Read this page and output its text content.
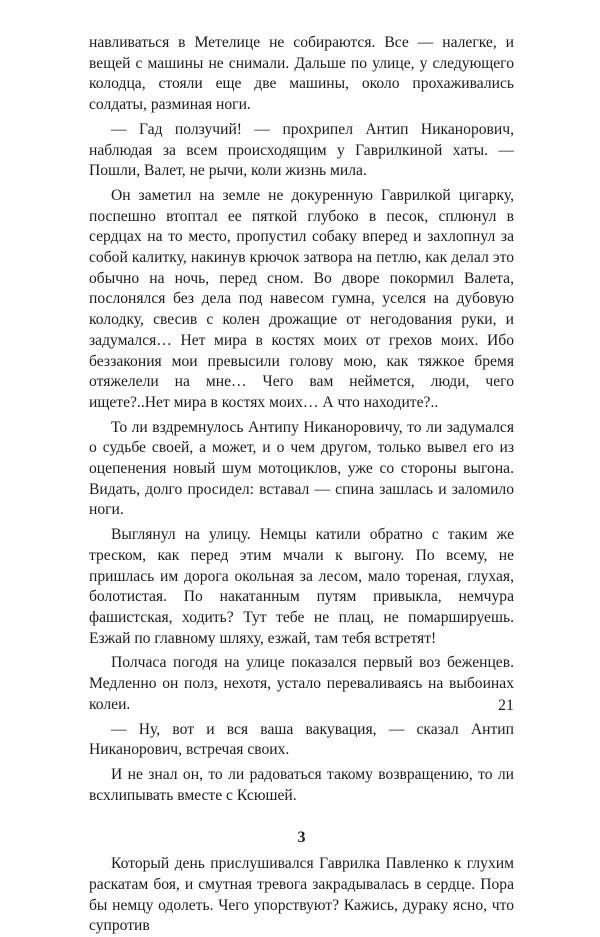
навливаться в Метелице не собираются. Все — налегке, и вещей с машины не снимали. Дальше по улице, у следующего колодца, стояли еще две машины, около прохаживались солдаты, разминая ноги.

— Гад ползучий! — прохрипел Антип Никанорович, наблюдая за всем происходящим у Гаврилкиной хаты. — Пошли, Валет, не рычи, коли жизнь мила.

Он заметил на земле не докуренную Гаврилкой цигарку, поспешно втоптал ее пяткой глубоко в песок, сплюнул в сердцах на то место, пропустил собаку вперед и захлопнул за собой калитку, накинув крючок затвора на петлю, как делал это обычно на ночь, перед сном. Во дворе покормил Валета, послонялся без дела под навесом гумна, уселся на дубовую колодку, свесив с колен дрожащие от негодования руки, и задумался… Нет мира в костях моих от грехов моих. Ибо беззакония мои превысили голову мою, как тяжкое бремя отяжелели на мне… Чего вам неймется, люди, чего ищете?..Нет мира в костях моих… А что находите?..

То ли вздремнулось Антипу Никаноровичу, то ли задумался о судьбе своей, а может, и о чем другом, только вывел его из оцепенения новый шум мотоциклов, уже со стороны выгона. Видать, долго просидел: вставал — спина зашлась и заломило ноги.

Выглянул на улицу. Немцы катили обратно с таким же треском, как перед этим мчали к выгону. По всему, не пришлась им дорога окольная за лесом, мало тореная, глухая, болотистая. По накатанным путям привыкла, немчура фашистская, ходить? Тут тебе не плац, не помаршируешь. Езжай по главному шляху, езжай, там тебя встретят!

Полчаса погодя на улице показался первый воз беженцев. Медленно он полз, нехотя, устало переваливаясь на выбоинах колеи.

— Ну, вот и вся ваша вакувация, — сказал Антип Никанорович, встречая своих.

И не знал он, то ли радоваться такому возвращению, то ли всхлипывать вместе с Ксюшей.

3

Который день прислушивался Гаврилка Павленко к глухим раскатам боя, и смутная тревога закрадывалась в сердце. Пора бы немцу одолеть. Чего упорствуют? Кажись, дураку ясно, что супротив

21
